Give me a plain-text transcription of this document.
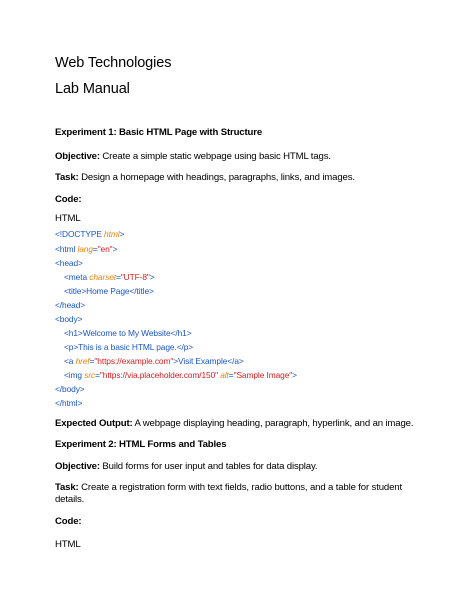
Web Technologies
Lab Manual
Experiment 1: Basic HTML Page with Structure
Objective: Create a simple static webpage using basic HTML tags.
Task: Design a homepage with headings, paragraphs, links, and images.
Code:
HTML
<!DOCTYPE html>
<html lang="en">
<head>
<meta charset="UTF-8">
<title>Home Page</title>
</head>
<body>
<h1>Welcome to My Website</h1>
<p>This is a basic HTML page.</p>
<a href="https://example.com">Visit Example</a>
<img src="https://via.placeholder.com/150" alt="Sample Image">
</body>
</html>
Expected Output: A webpage displaying heading, paragraph, hyperlink, and an image.
Experiment 2: HTML Forms and Tables
Objective: Build forms for user input and tables for data display.
Task: Create a registration form with text fields, radio buttons, and a table for student details.
Code:
HTML
